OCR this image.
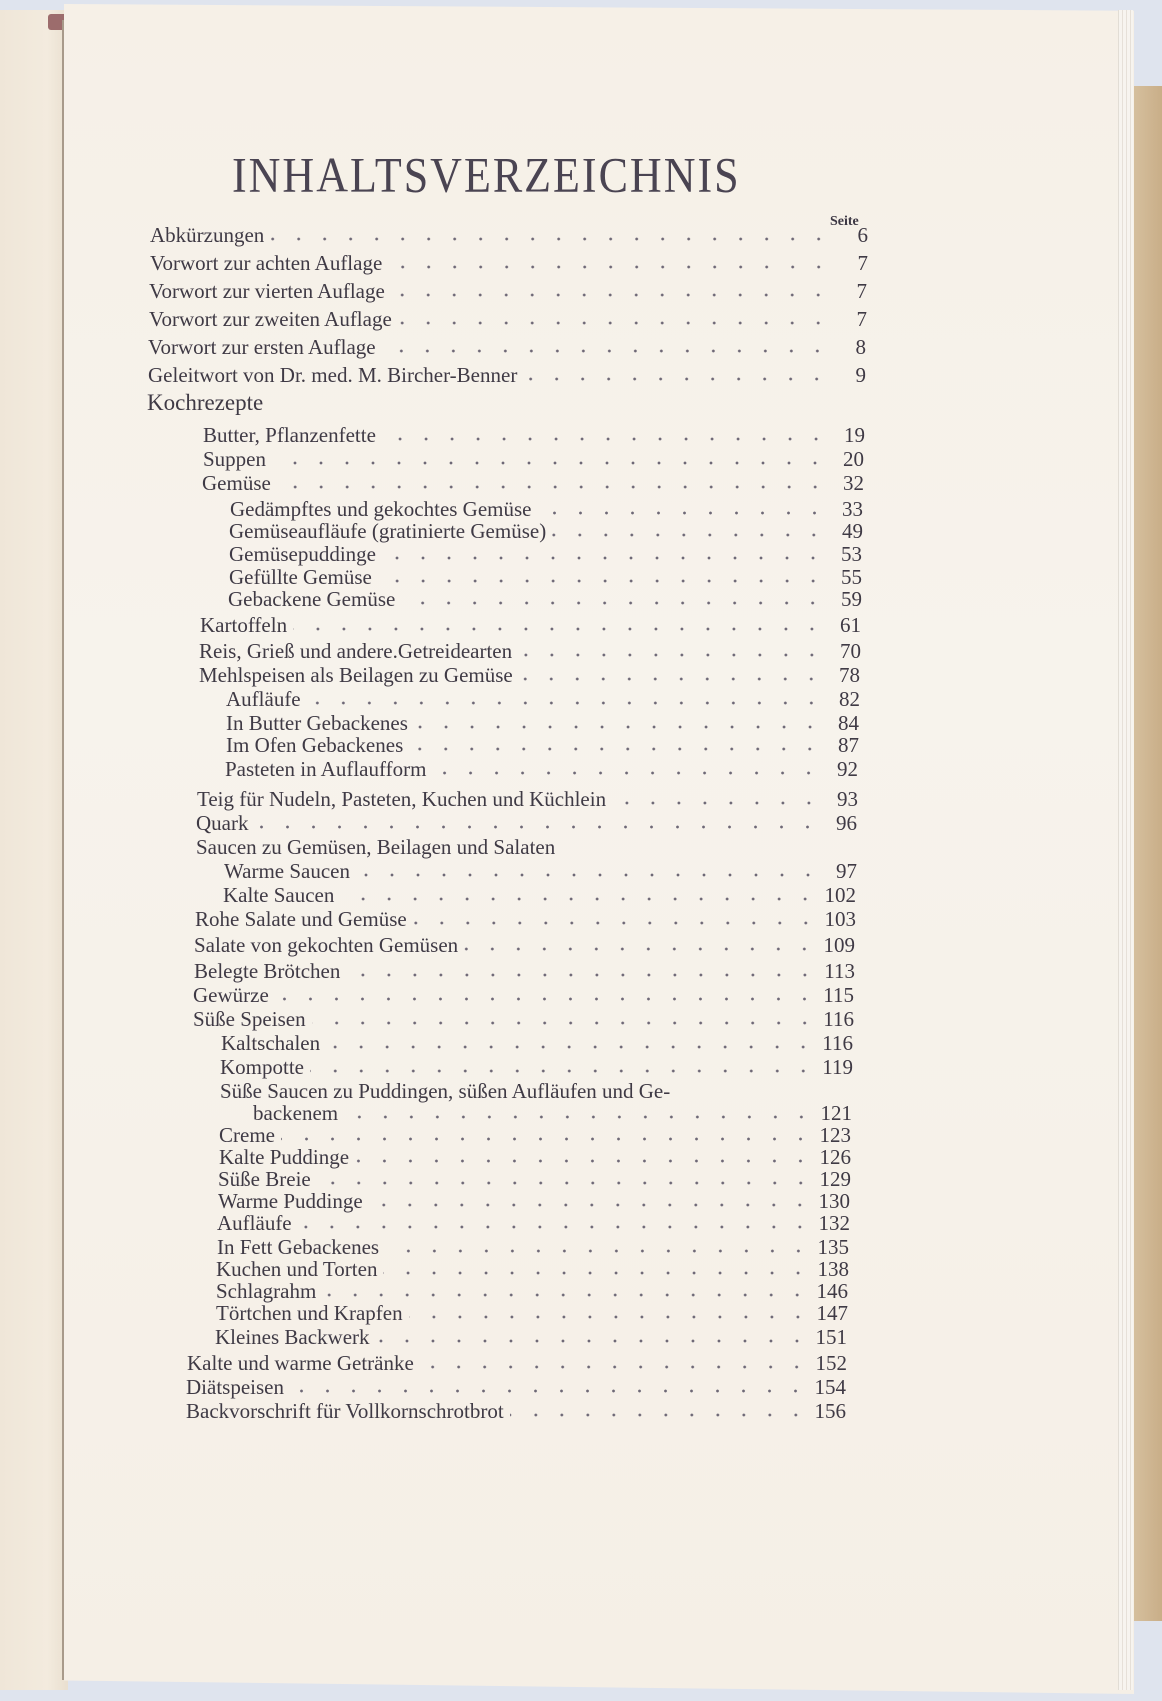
INHALTSVERZEICHNIS
Seite
Abkürzungen	6
Vorwort zur achten Auflage	7
Vorwort zur vierten Auflage	7
Vorwort zur zweiten Auflage	7
Vorwort zur ersten Auflage	8
Geleitwort von Dr. med. M. Bircher-Benner	9
Kochrezepte
Butter, Pflanzenfette	19
Suppen	20
Gemüse	32
Gedämpftes und gekochtes Gemüse	33
Gemüseaufläufe (gratinierte Gemüse)	49
Gemüsepuddinge	53
Gefüllte Gemüse	55
Gebackene Gemüse	59
Kartoffeln	61
Reis, Grieß und andere.Getreidearten	70
Mehlspeisen als Beilagen zu Gemüse	78
Aufläufe	82
In Butter Gebackenes	84
Im Ofen Gebackenes	87
Pasteten in Auflaufform	92
Teig für Nudeln, Pasteten, Kuchen und Küchlein	93
Quark	96
Saucen zu Gemüsen, Beilagen und Salaten
Warme Saucen	97
Kalte Saucen	102
Rohe Salate und Gemüse	103
Salate von gekochten Gemüsen	109
Belegte Brötchen	113
Gewürze	115
Süße Speisen	116
Kaltschalen	116
Kompotte	119
Süße Saucen zu Puddingen, süßen Aufläufen und Ge-
backenem	121
Creme	123
Kalte Puddinge	126
Süße Breie	129
Warme Puddinge	130
Aufläufe	132
In Fett Gebackenes	135
Kuchen und Torten	138
Schlagrahm	146
Törtchen und Krapfen	147
Kleines Backwerk	151
Kalte und warme Getränke	152
Diätspeisen	154
Backvorschrift für Vollkornschrotbrot	156
